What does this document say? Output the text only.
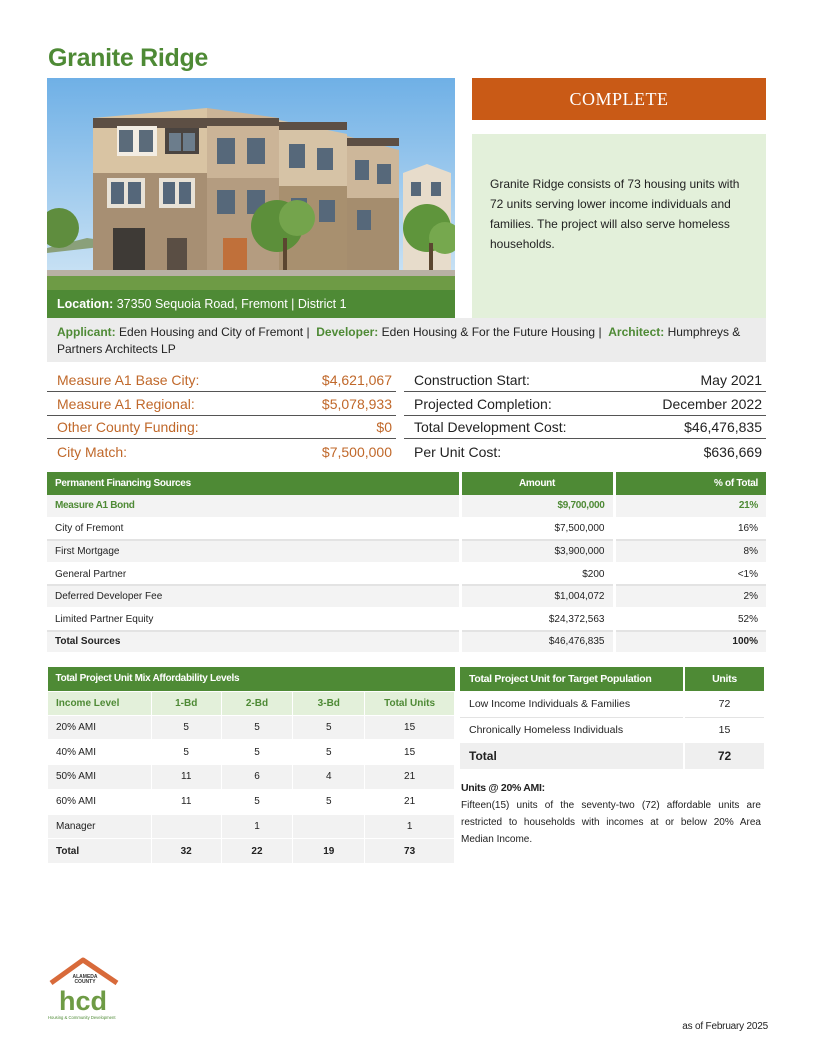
Granite Ridge
Location: 37350 Sequoia Road, Fremont | District 1
COMPLETE
Granite Ridge consists of 73 housing units with 72 units serving lower income individuals and families. The project will also serve homeless households.
Applicant: Eden Housing and City of Fremont | Developer: Eden Housing & For the Future Housing | Architect: Humphreys & Partners Architects LP
Measure A1 Base City:	$4,621,067
Measure A1 Regional:	$5,078,933
Other County Funding:	$0
City Match:	$7,500,000
Construction Start:	May 2021
Projected Completion:	December 2022
Total Development Cost:	$46,476,835
Per Unit Cost:	$636,669
Permanent Financing Sources	Amount	% of Total
Measure A1 Bond	$9,700,000	21%
City of Fremont	$7,500,000	16%
First Mortgage	$3,900,000	8%
General Partner	$200	<1%
Deferred Developer Fee	$1,004,072	2%
Limited Partner Equity	$24,372,563	52%
Total Sources	$46,476,835	100%
Total Project Unit Mix Affordability Levels				
Income Level	1-Bd	2-Bd	3-Bd	Total Units
20% AMI	5	5	5	15
40% AMI	5	5	5	15
50% AMI	11	6	4	21
60% AMI	11	5	5	21
Manager		1		1
Total	32	22	19	73
Total Project Unit for Target Population	Units
Low Income Individuals & Families	72
Chronically Homeless Individuals	15
Total	72
Units @ 20% AMI:
Fifteen(15) units of the seventy-two (72) affordable units are restricted to households with incomes at or below 20% Area Median Income.
ALAMEDA
COUNTY
hcd
Housing & Community Development
as of February 2025
